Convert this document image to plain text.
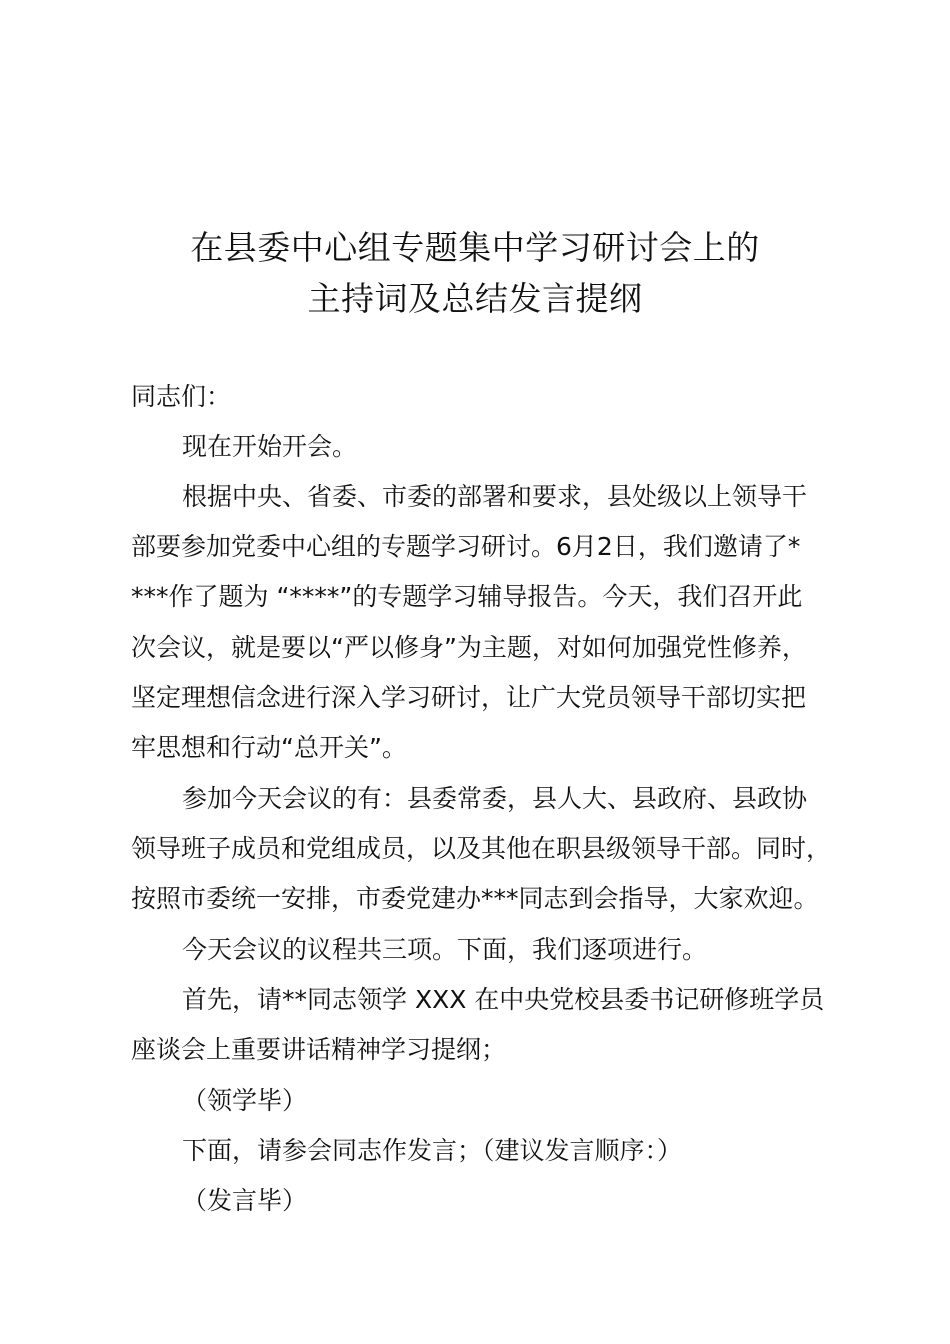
在县委中心组专题集中学习研讨会上的
主持词及总结发言提纲
同志们：
现在开始开会。
根据中央、省委、市委的部署和要求，县处级以上领导干
部要参加党委中心组的专题学习研讨。6月2日，我们邀请了*
***作了题为 “****”的专题学习辅导报告。今天，我们召开此
次会议，就是要以“严以修身”为主题，对如何加强党性修养，
坚定理想信念进行深入学习研讨，让广大党员领导干部切实把
牢思想和行动“总开关”。
参加今天会议的有：县委常委，县人大、县政府、县政协
领导班子成员和党组成员，以及其他在职县级领导干部。同时，
按照市委统一安排，市委党建办***同志到会指导，大家欢迎。
今天会议的议程共三项。下面，我们逐项进行。
首先，请**同志领学 XXX 在中央党校县委书记研修班学员
座谈会上重要讲话精神学习提纲；
（领学毕）
下面，请参会同志作发言；（建议发言顺序：）
（发言毕）
